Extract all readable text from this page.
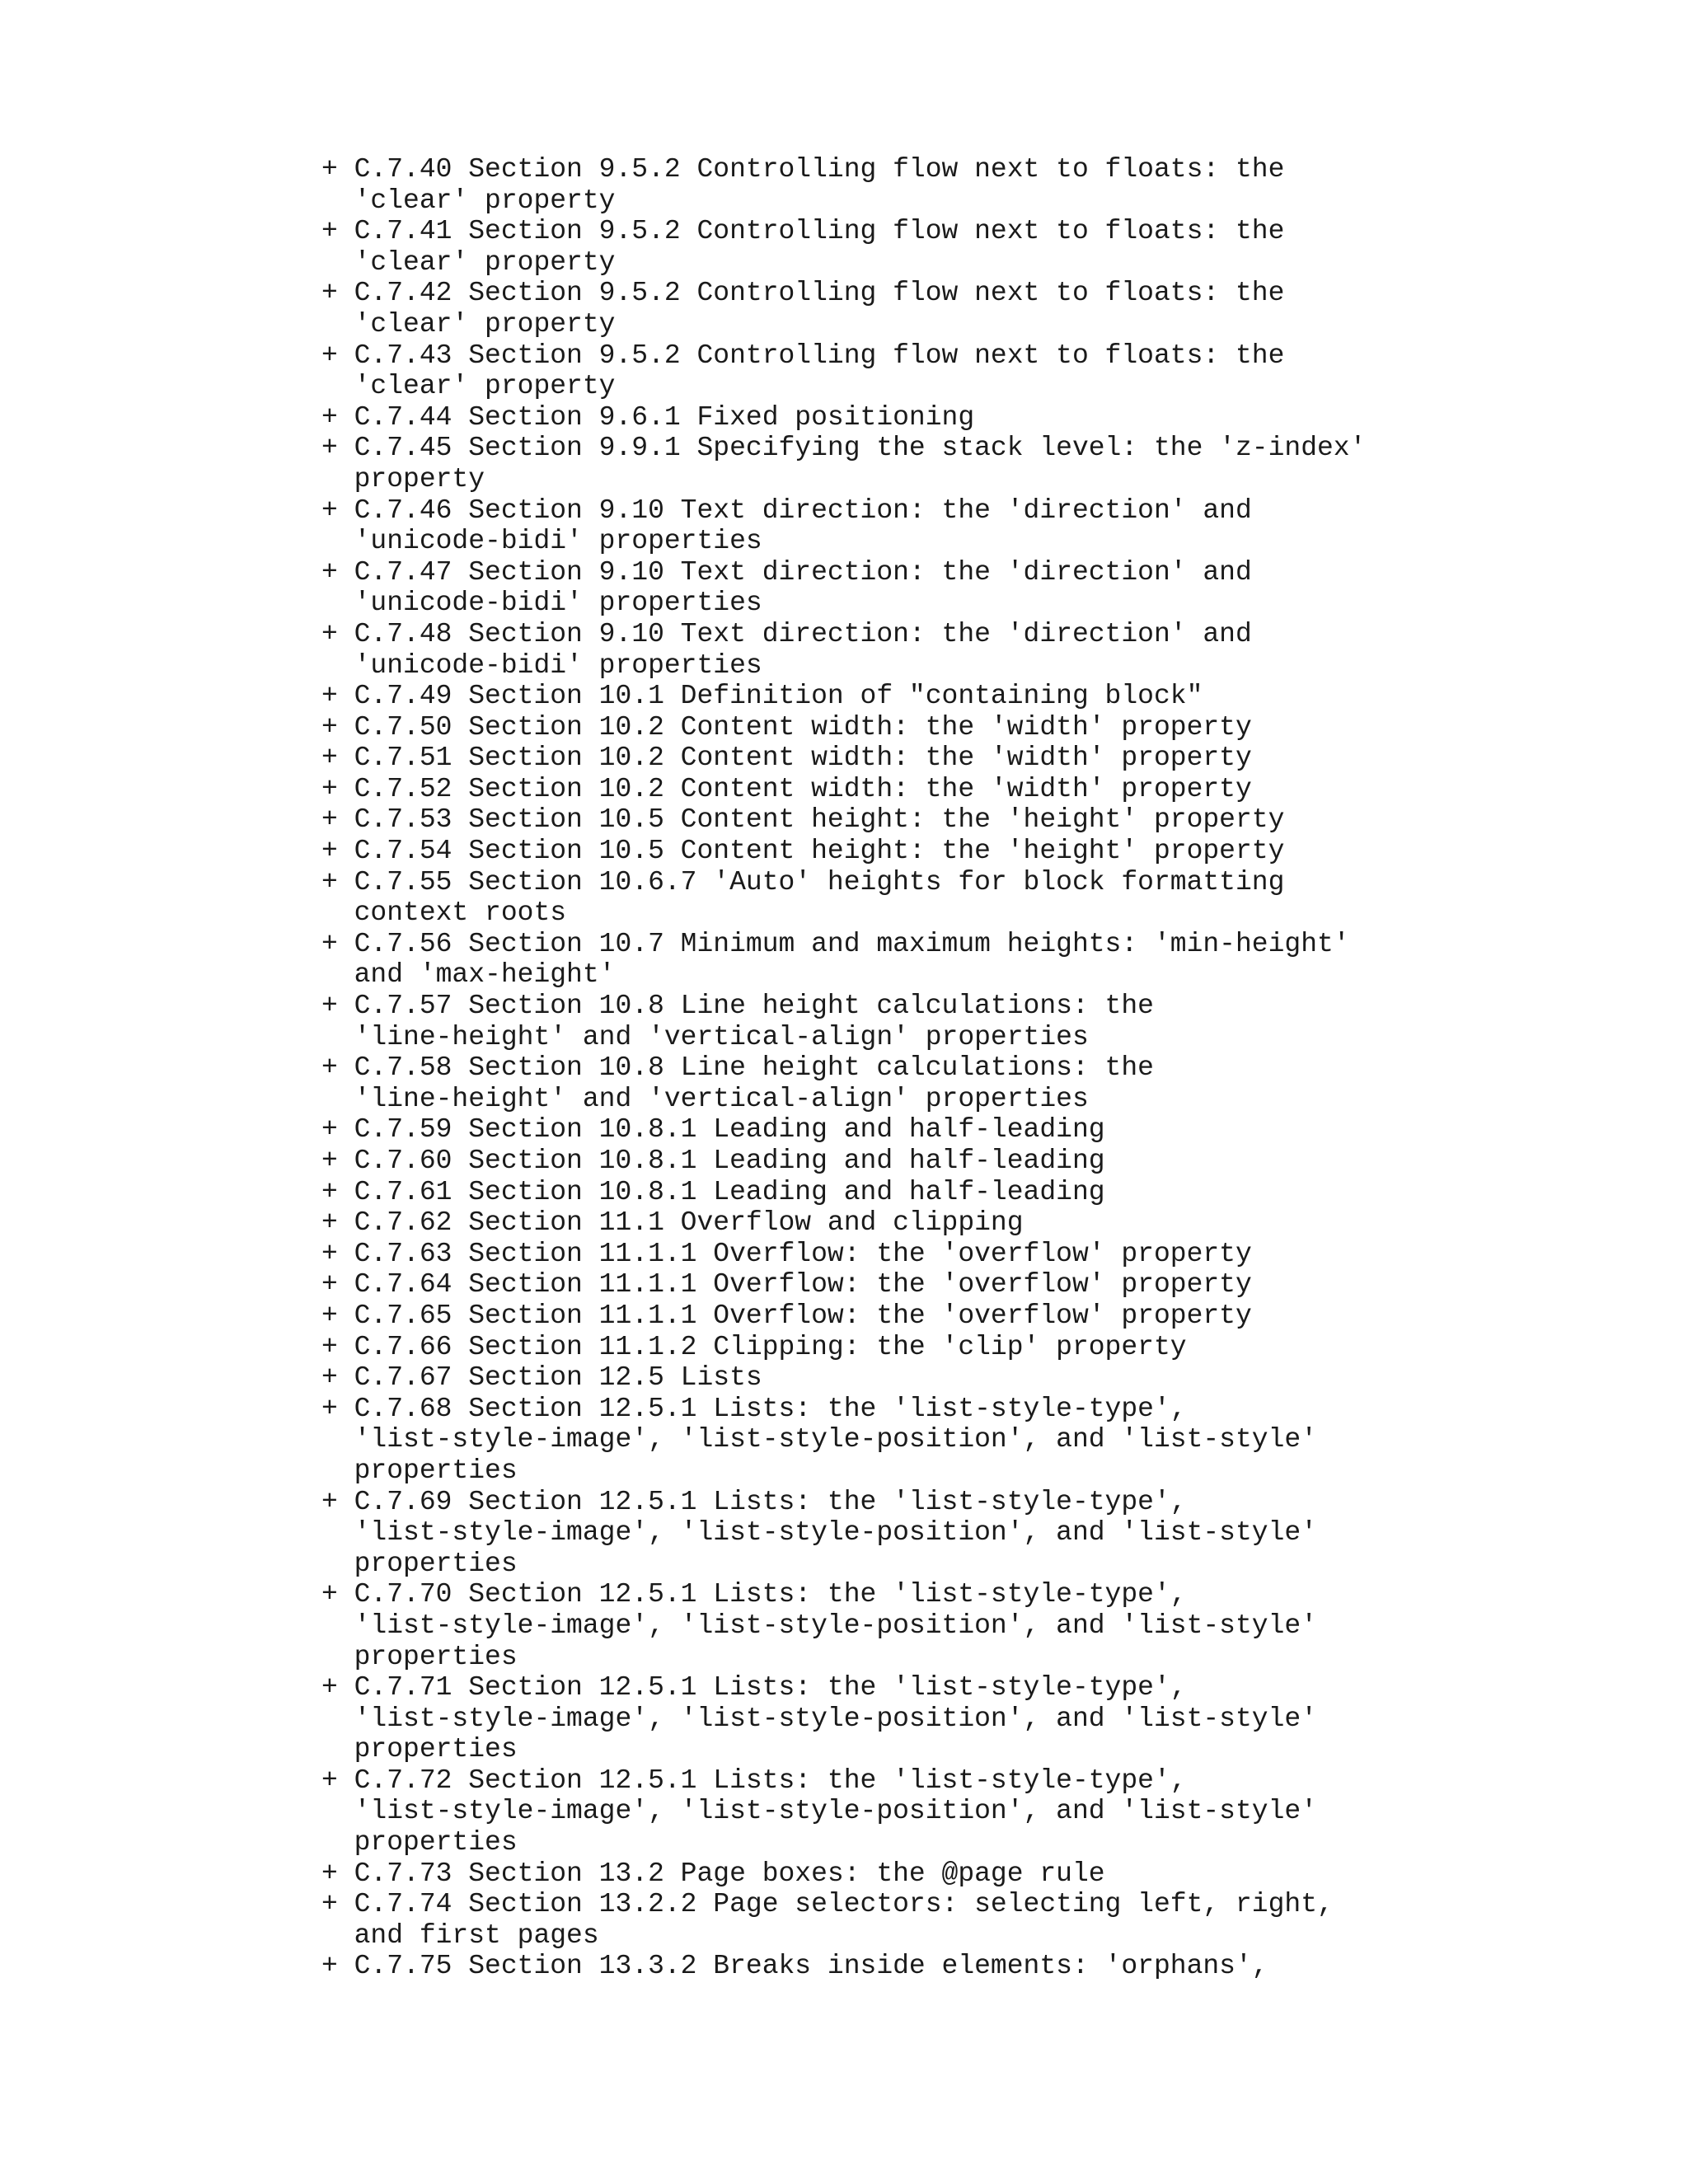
+ C.7.40 Section 9.5.2 Controlling flow next to floats: the
'clear' property
+ C.7.41 Section 9.5.2 Controlling flow next to floats: the
'clear' property
+ C.7.42 Section 9.5.2 Controlling flow next to floats: the
'clear' property
+ C.7.43 Section 9.5.2 Controlling flow next to floats: the
'clear' property
+ C.7.44 Section 9.6.1 Fixed positioning
+ C.7.45 Section 9.9.1 Specifying the stack level: the 'z-index'
property
+ C.7.46 Section 9.10 Text direction: the 'direction' and
'unicode-bidi' properties
+ C.7.47 Section 9.10 Text direction: the 'direction' and
'unicode-bidi' properties
+ C.7.48 Section 9.10 Text direction: the 'direction' and
'unicode-bidi' properties
+ C.7.49 Section 10.1 Definition of "containing block"
+ C.7.50 Section 10.2 Content width: the 'width' property
+ C.7.51 Section 10.2 Content width: the 'width' property
+ C.7.52 Section 10.2 Content width: the 'width' property
+ C.7.53 Section 10.5 Content height: the 'height' property
+ C.7.54 Section 10.5 Content height: the 'height' property
+ C.7.55 Section 10.6.7 'Auto' heights for block formatting
context roots
+ C.7.56 Section 10.7 Minimum and maximum heights: 'min-height'
and 'max-height'
+ C.7.57 Section 10.8 Line height calculations: the
'line-height' and 'vertical-align' properties
+ C.7.58 Section 10.8 Line height calculations: the
'line-height' and 'vertical-align' properties
+ C.7.59 Section 10.8.1 Leading and half-leading
+ C.7.60 Section 10.8.1 Leading and half-leading
+ C.7.61 Section 10.8.1 Leading and half-leading
+ C.7.62 Section 11.1 Overflow and clipping
+ C.7.63 Section 11.1.1 Overflow: the 'overflow' property
+ C.7.64 Section 11.1.1 Overflow: the 'overflow' property
+ C.7.65 Section 11.1.1 Overflow: the 'overflow' property
+ C.7.66 Section 11.1.2 Clipping: the 'clip' property
+ C.7.67 Section 12.5 Lists
+ C.7.68 Section 12.5.1 Lists: the 'list-style-type',
'list-style-image', 'list-style-position', and 'list-style'
properties
+ C.7.69 Section 12.5.1 Lists: the 'list-style-type',
'list-style-image', 'list-style-position', and 'list-style'
properties
+ C.7.70 Section 12.5.1 Lists: the 'list-style-type',
'list-style-image', 'list-style-position', and 'list-style'
properties
+ C.7.71 Section 12.5.1 Lists: the 'list-style-type',
'list-style-image', 'list-style-position', and 'list-style'
properties
+ C.7.72 Section 12.5.1 Lists: the 'list-style-type',
'list-style-image', 'list-style-position', and 'list-style'
properties
+ C.7.73 Section 13.2 Page boxes: the @page rule
+ C.7.74 Section 13.2.2 Page selectors: selecting left, right,
and first pages
+ C.7.75 Section 13.3.2 Breaks inside elements: 'orphans',
